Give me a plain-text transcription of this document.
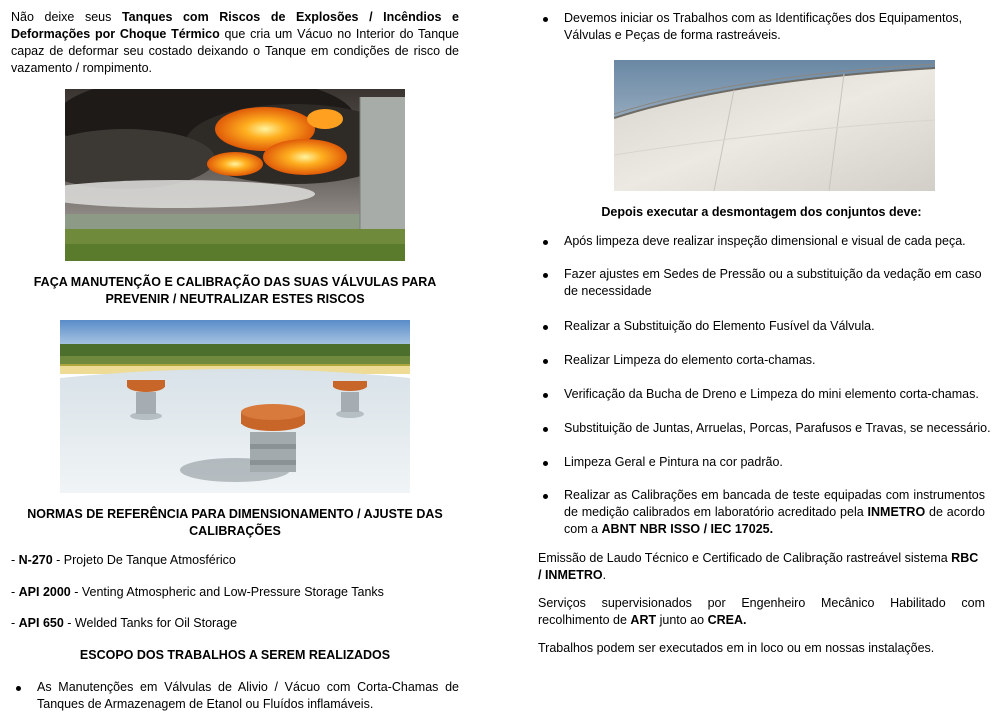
Não deixe seus Tanques com Riscos de Explosões / Incêndios e Deformações por Choque Térmico que cria um Vácuo no Interior do Tanque capaz de deformar seu costado deixando o Tanque em condições de risco de vazamento / rompimento.

FAÇA MANUTENÇÃO E CALIBRAÇÃO DAS SUAS VÁLVULAS PARA PREVENIR / NEUTRALIZAR ESTES RISCOS

NORMAS DE REFERÊNCIA PARA DIMENSIONAMENTO / AJUSTE DAS CALIBRAÇÕES

- N-270 - Projeto De Tanque Atmosférico

- API 2000 - Venting Atmospheric and Low-Pressure Storage Tanks

- API 650 - Welded Tanks for Oil Storage

ESCOPO DOS TRABALHOS A SEREM REALIZADOS

As Manutenções em Válvulas de Alivio / Vácuo com Corta-Chamas de Tanques de Armazenagem de Etanol ou Fluídos inflamáveis.
Devemos iniciar os Trabalhos com as Identificações dos Equipamentos, Válvulas e Peças de forma rastreáveis.

Depois executar a desmontagem dos conjuntos deve:

Após limpeza deve realizar inspeção dimensional e visual de cada peça.
Fazer ajustes em Sedes de Pressão ou a substituição da vedação em caso de necessidade
Realizar a Substituição do Elemento Fusível da Válvula.
Realizar Limpeza do elemento corta-chamas.
Verificação da Bucha de Dreno e Limpeza do mini elemento corta-chamas.
Substituição de Juntas, Arruelas, Porcas, Parafusos e Travas, se necessário.
Limpeza Geral e Pintura na cor padrão.
Realizar as Calibrações em bancada de teste equipadas com instrumentos de medição calibrados em laboratório acreditado pela INMETRO de acordo com a ABNT NBR ISSO / IEC 17025.

Emissão de Laudo Técnico e Certificado de Calibração rastreável sistema RBC / INMETRO.

Serviços supervisionados por Engenheiro Mecânico Habilitado com recolhimento de ART junto ao CREA.

Trabalhos podem ser executados em in loco ou em nossas instalações.
